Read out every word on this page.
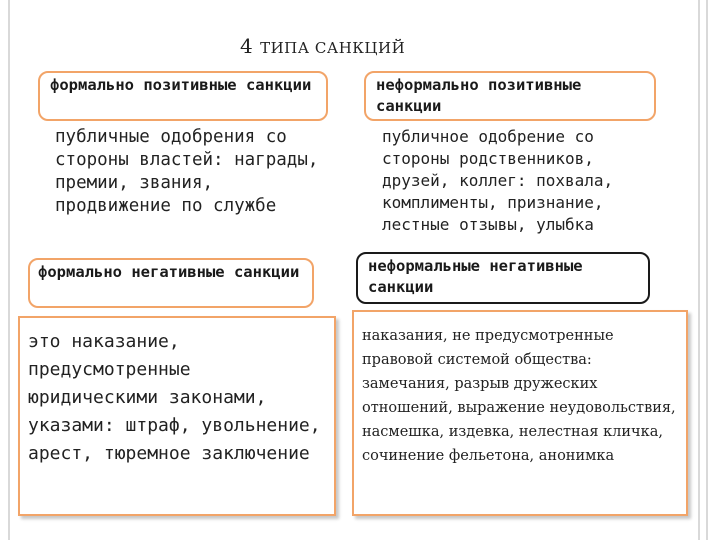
4 ТИПА САНКЦИЙ
формально позитивные санкции
публичные одобрения со стороны властей: награды, премии, звания, продвижение по службе
неформально позитивные санкции
публичное одобрение со стороны родственников, друзей, коллег: похвала, комплименты, признание, лестные отзывы, улыбка
формально негативные санкции
это наказание, предусмотренные юридическими законами, указами: штраф, увольнение, арест, тюремное заключение
неформальные негативные санкции
наказания, не предусмотренные правовой системой общества: замечания, разрыв дружеских отношений, выражение неудовольствия, насмешка, издевка, нелестная кличка, сочинение фельетона, анонимка
